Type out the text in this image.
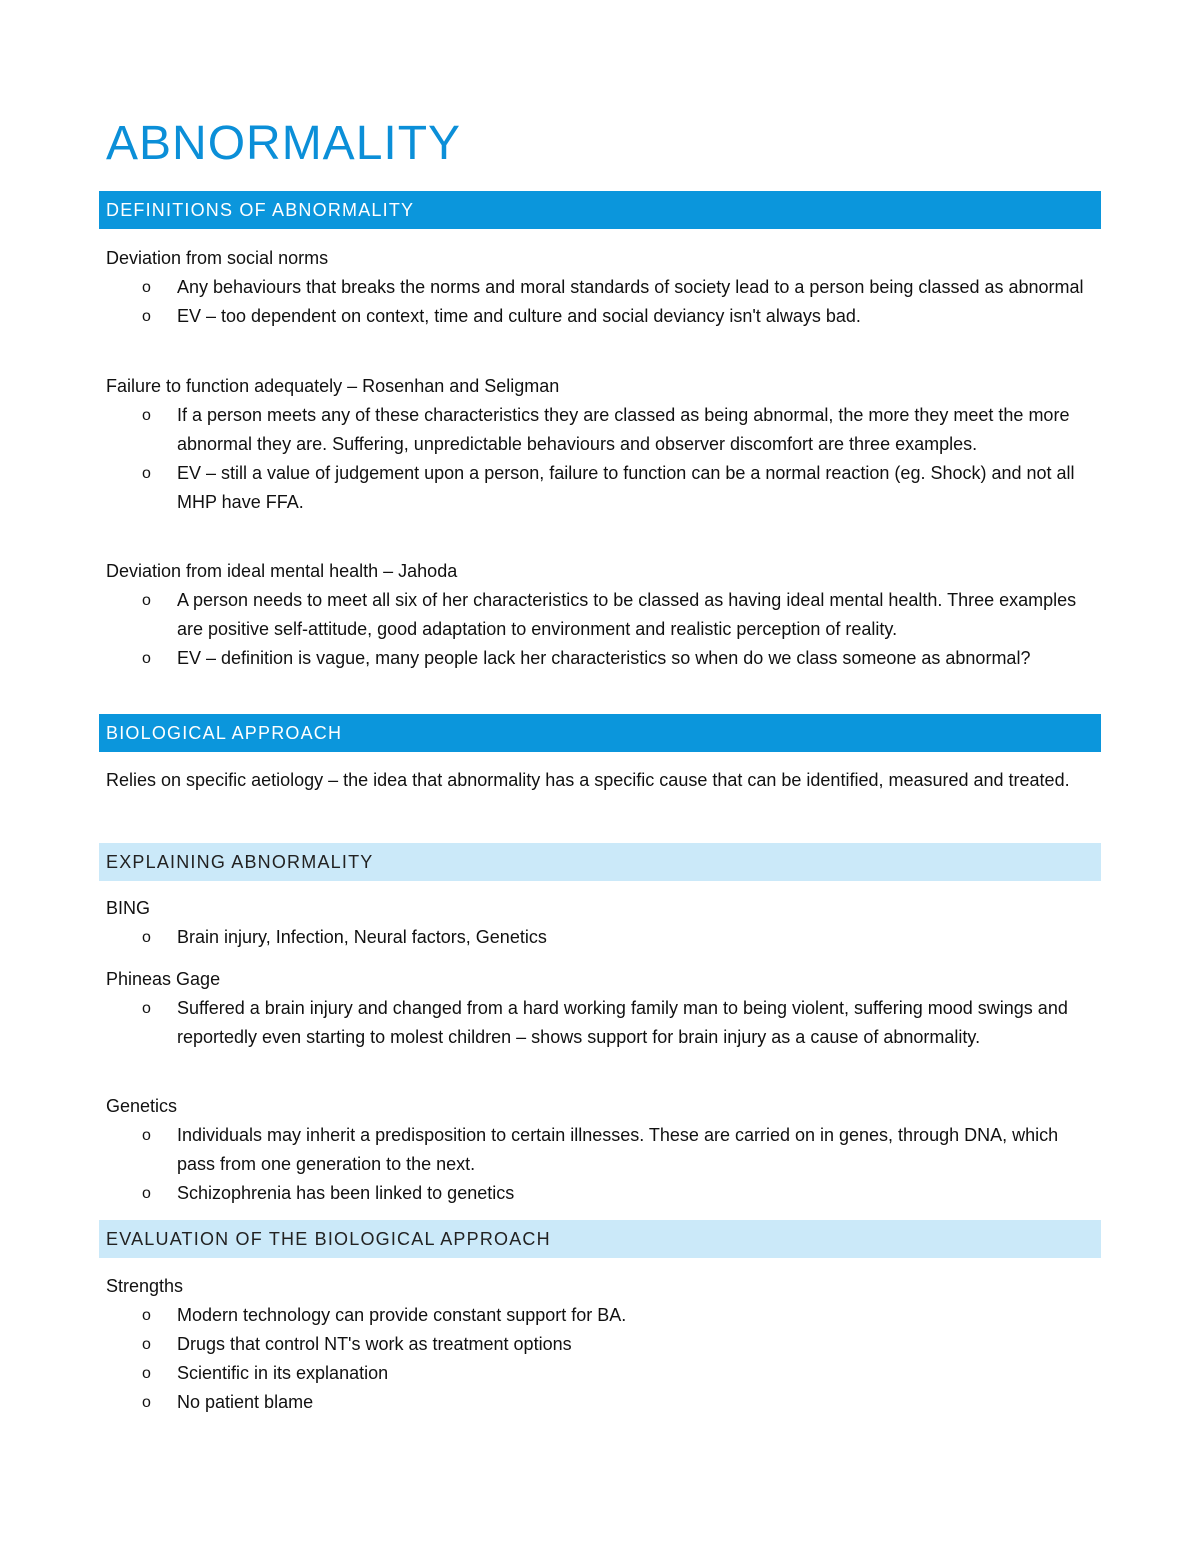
ABNORMALITY
DEFINITIONS OF ABNORMALITY

Deviation from social norms

o Any behaviours that breaks the norms and moral standards of society lead to a person being classed as abnormal
o EV – too dependent on context, time and culture and social deviancy isn't always bad.

Failure to function adequately – Rosenhan and Seligman

o If a person meets any of these characteristics they are classed as being abnormal, the more they meet the more abnormal they are. Suffering, unpredictable behaviours and observer discomfort are three examples.
o EV – still a value of judgement upon a person, failure to function can be a normal reaction (eg. Shock) and not all MHP have FFA.

Deviation from ideal mental health – Jahoda

o A person needs to meet all six of her characteristics to be classed as having ideal mental health. Three examples are positive self-attitude, good adaptation to environment and realistic perception of reality.
o EV – definition is vague, many people lack her characteristics so when do we class someone as abnormal?
BIOLOGICAL APPROACH

Relies on specific aetiology – the idea that abnormality has a specific cause that can be identified, measured and treated.

EXPLAINING ABNORMALITY

BING

o Brain injury, Infection, Neural factors, Genetics

Phineas Gage

o Suffered a brain injury and changed from a hard working family man to being violent, suffering mood swings and reportedly even starting to molest children – shows support for brain injury as a cause of abnormality.

Genetics

o Individuals may inherit a predisposition to certain illnesses. These are carried on in genes, through DNA, which pass from one generation to the next.
o Schizophrenia has been linked to genetics
EVALUATION OF THE BIOLOGICAL APPROACH

Strengths

o Modern technology can provide constant support for BA.
o Drugs that control NT's work as treatment options
o Scientific in its explanation
o No patient blame
